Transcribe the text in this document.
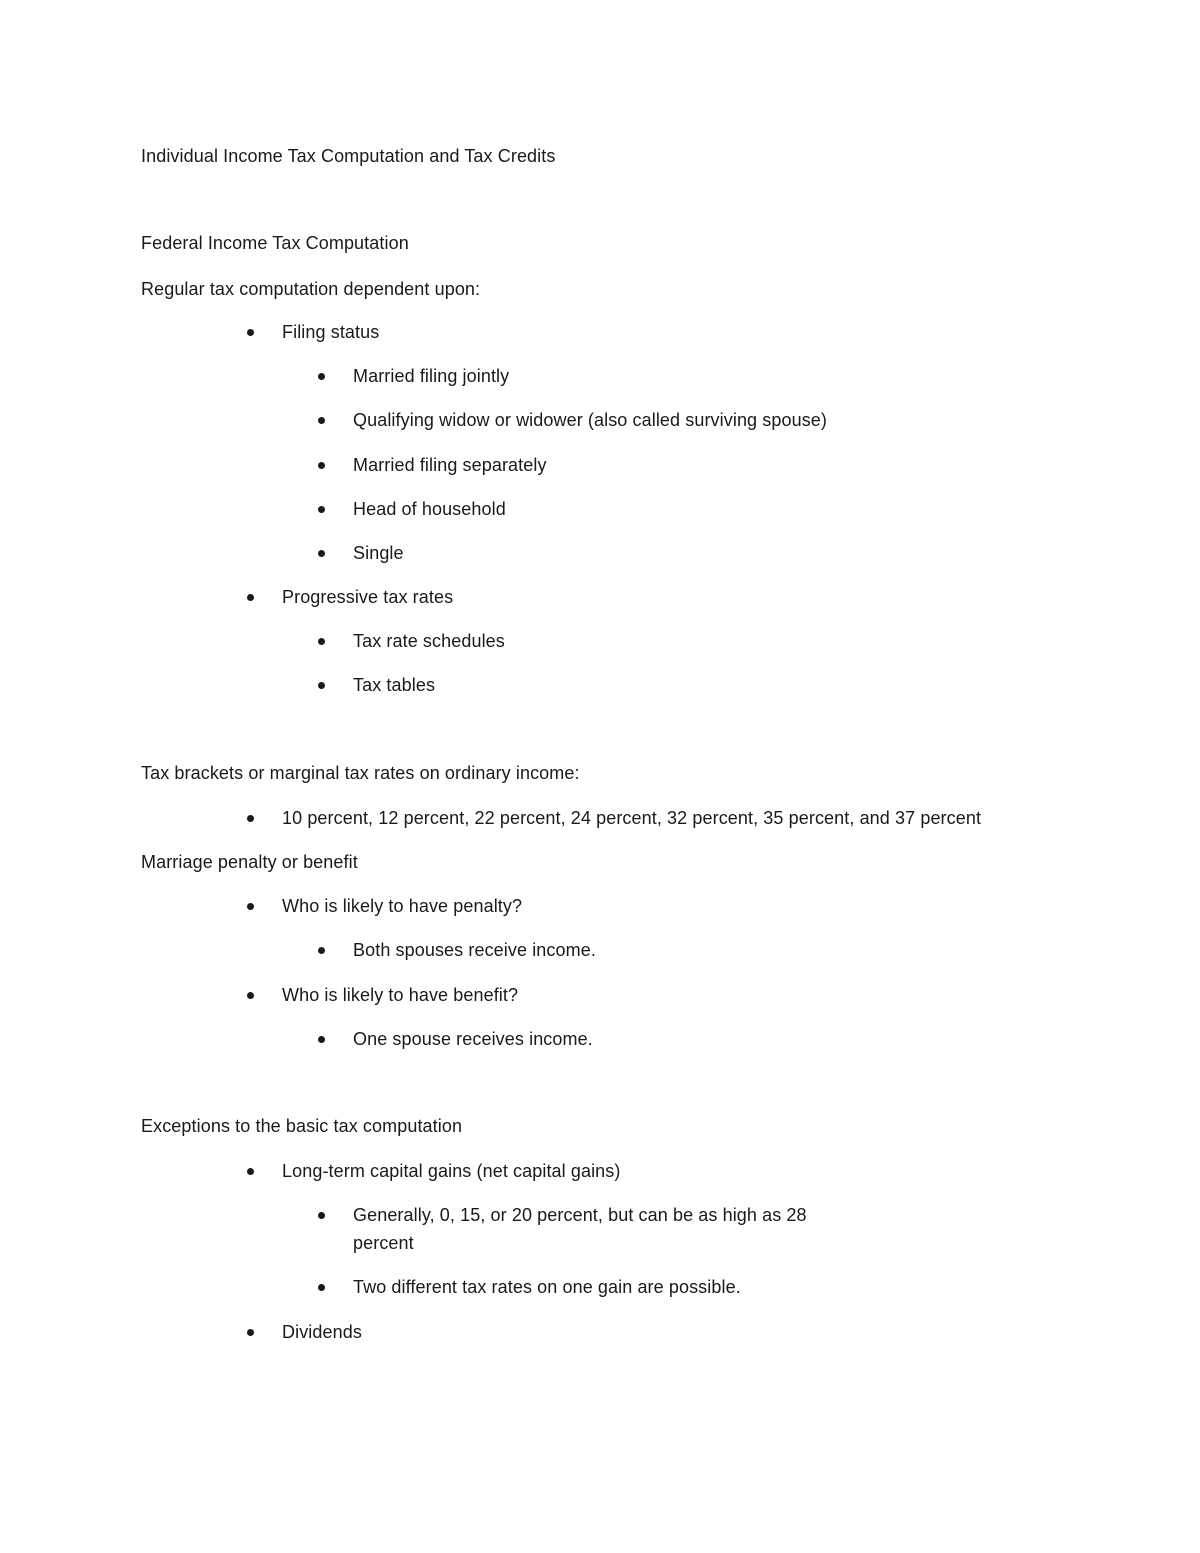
Individual Income Tax Computation and Tax Credits
Federal Income Tax Computation
Regular tax computation dependent upon:
Filing status
Married filing jointly
Qualifying widow or widower (also called surviving spouse)
Married filing separately
Head of household
Single
Progressive tax rates
Tax rate schedules
Tax tables
Tax brackets or marginal tax rates on ordinary income:
10 percent, 12 percent, 22 percent, 24 percent, 32 percent, 35 percent, and 37 percent
Marriage penalty or benefit
Who is likely to have penalty?
Both spouses receive income.
Who is likely to have benefit?
One spouse receives income.
Exceptions to the basic tax computation
Long-term capital gains (net capital gains)
Generally, 0, 15, or 20 percent, but can be as high as 28 percent
Two different tax rates on one gain are possible.
Dividends
